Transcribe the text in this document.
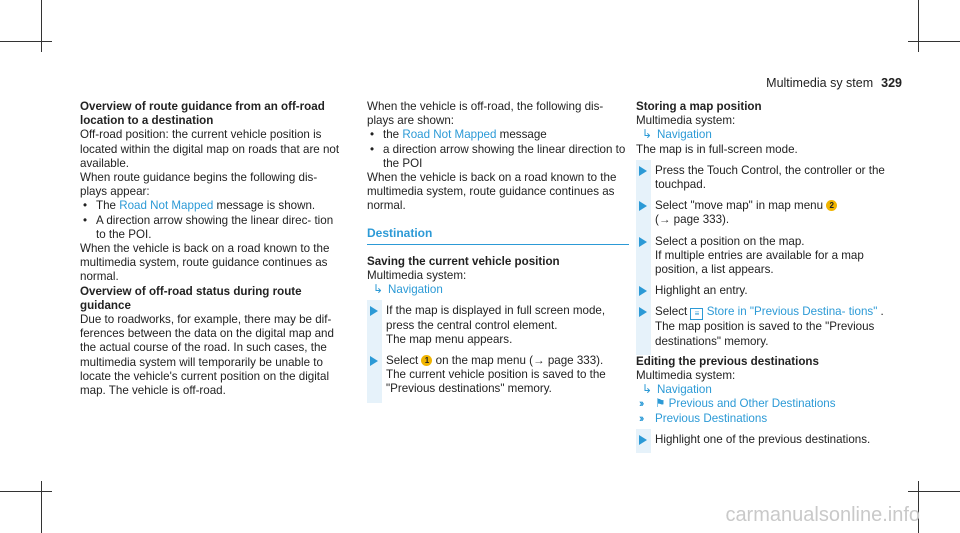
Multimedia sy stem 329
Overview of route guidance from an off-road location to a destination
Off-road position: the current vehicle position is located within the digital map on roads that are not available.
When route guidance begins the following dis- plays appear:
• The Road Not Mapped message is shown.
• A direction arrow showing the linear direc- tion to the POI.
When the vehicle is back on a road known to the multimedia system, route guidance continues as normal.
Overview of off-road status during route guidance
Due to roadworks, for example, there may be dif- ferences between the data on the digital map and the actual course of the road. In such cases, the multimedia system will temporarily be unable to locate the vehicle's current position on the digital map. The vehicle is off-road.
When the vehicle is off-road, the following dis- plays are shown:
• the Road Not Mapped message
• a direction arrow showing the linear direction to the POI
When the vehicle is back on a road known to the multimedia system, route guidance continues as normal.
Destination
Saving the current vehicle position
Multimedia system:
↳ Navigation
If the map is displayed in full screen mode, press the central control element.
The map menu appears.
Select 1 on the map menu (→ page 333).
The current vehicle position is saved to the "Previous destinations" memory.
Storing a map position
Multimedia system:
↳ Navigation
The map is in full-screen mode.
Press the Touch Control, the controller or the touchpad.
Select "move map" in map menu 2
(→ page 333).
Select a position on the map.
If multiple entries are available for a map position, a list appears.
Highlight an entry.
Select ≡ Store in "Previous Destina- tions" .
The map position is saved to the "Previous destinations" memory.
Editing the previous destinations
Multimedia system:
↳ Navigation
›› ⚑ Previous and Other Destinations
›› Previous Destinations
Highlight one of the previous destinations.
carmanualsonline.info
